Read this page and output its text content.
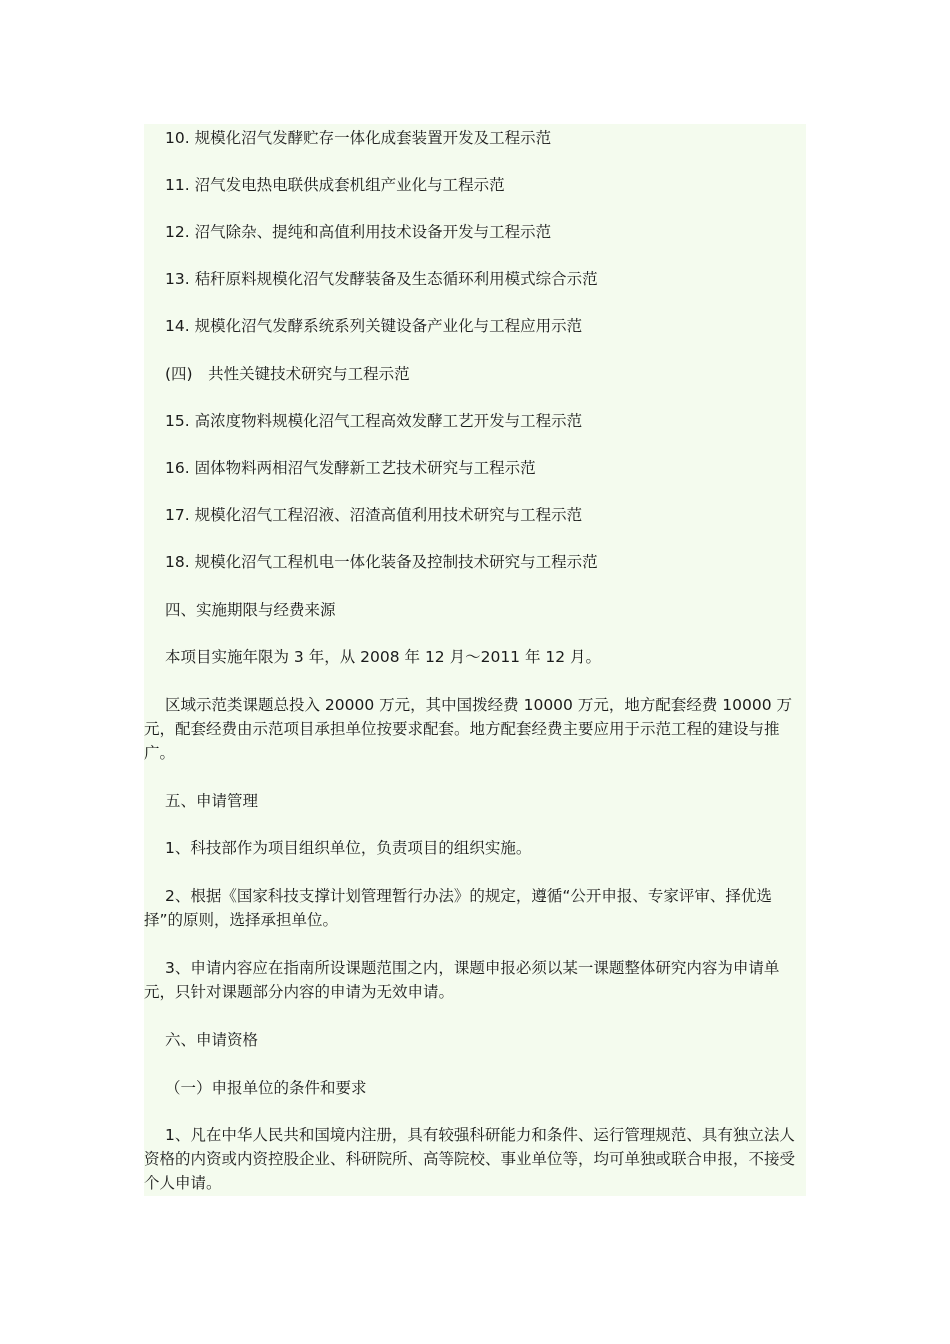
10. 规模化沼气发酵贮存一体化成套装置开发及工程示范

11. 沼气发电热电联供成套机组产业化与工程示范

12. 沼气除杂、提纯和高值利用技术设备开发与工程示范

13. 秸秆原料规模化沼气发酵装备及生态循环利用模式综合示范

14. 规模化沼气发酵系统系列关键设备产业化与工程应用示范

(四)　共性关键技术研究与工程示范

15. 高浓度物料规模化沼气工程高效发酵工艺开发与工程示范

16. 固体物料两相沼气发酵新工艺技术研究与工程示范

17. 规模化沼气工程沼液、沼渣高值利用技术研究与工程示范

18. 规模化沼气工程机电一体化装备及控制技术研究与工程示范

四、实施期限与经费来源

本项目实施年限为 3 年，从 2008 年 12 月～2011 年 12 月。

区域示范类课题总投入 20000 万元，其中国拨经费 10000 万元，地方配套经费 10000 万元，配套经费由示范项目承担单位按要求配套。地方配套经费主要应用于示范工程的建设与推广。

五、申请管理

1、科技部作为项目组织单位，负责项目的组织实施。

2、根据《国家科技支撑计划管理暂行办法》的规定，遵循“公开申报、专家评审、择优选择”的原则，选择承担单位。

3、申请内容应在指南所设课题范围之内，课题申报必须以某一课题整体研究内容为申请单元，只针对课题部分内容的申请为无效申请。

六、申请资格

（一）申报单位的条件和要求

1、凡在中华人民共和国境内注册，具有较强科研能力和条件、运行管理规范、具有独立法人资格的内资或内资控股企业、科研院所、高等院校、事业单位等，均可单独或联合申报，不接受个人申请。
